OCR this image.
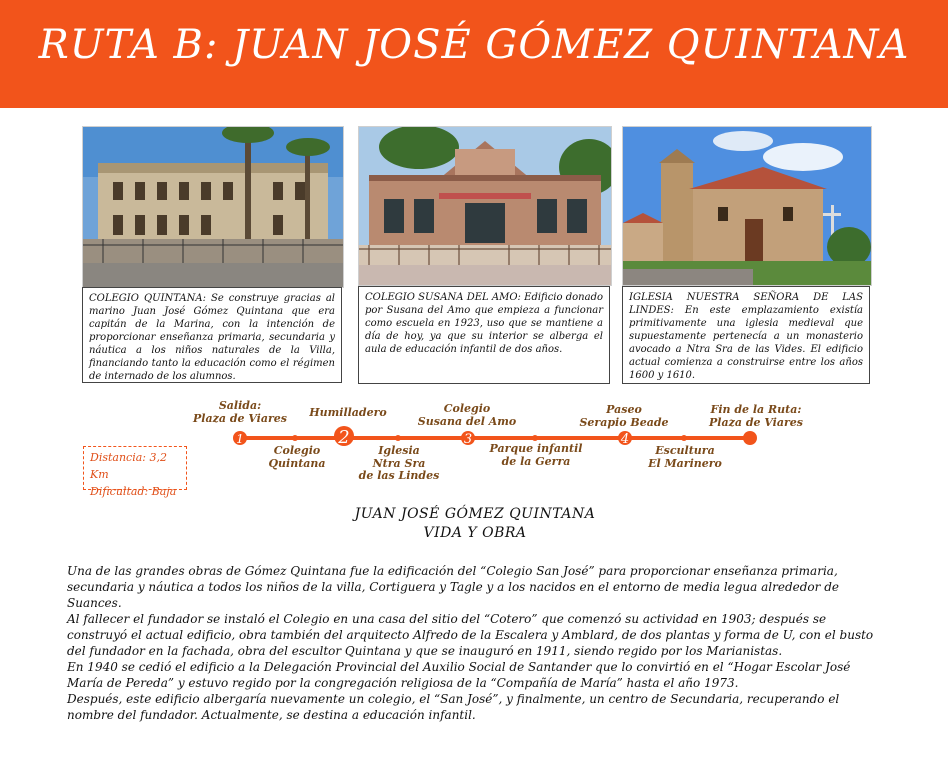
RUTA B: JUAN JOSÉ GÓMEZ QUINTANA
COLEGIO QUINTANA: Se construye gracias al marino Juan José Gómez Quintana que era capitán de la Marina, con la intención de proporcionar enseñanza primaria, secundaria y náutica a los niños naturales de la Villa, financiando tanto la educación como el régimen de internado de los alumnos.
COLEGIO SUSANA DEL AMO: Edificio donado por Susana del Amo que empieza a funcionar como escuela en 1923, uso que se mantiene a día de hoy, ya que su interior se alberga el aula de educación infantil de dos años.
IGLESIA NUESTRA SEÑORA DE LAS LINDES: En este emplazamiento existía primitivamente una iglesia medieval que supuestamente pertenecía a un monasterio avocado a Ntra Sra de las Vides. El edificio actual comienza a construirse entre los años 1600 y 1610.
1	2	3	4
Salida:
Plaza de Viares Humilladero	Colegio
Susana del Amo
Paseo
Serapio Beade
Fin de la Ruta:
Plaza de Viares
Colegio
Quintana
Iglesia
Ntra Sra
de las Lindes
Parque infantil
de la Gerra
Escultura
El Marinero
Distancia: 3,2 Km
Dificultad: Baja
JUAN JOSÉ GÓMEZ QUINTANA
VIDA Y OBRA

Una de las grandes obras de Gómez Quintana fue la edificación del “Colegio San José” para proporcionar enseñanza primaria, secundaria y náutica a todos los niños de la villa, Cortiguera y Tagle y a los nacidos en el entorno de media legua alrededor de Suances.

Al fallecer el fundador se instaló el Colegio en una casa del sitio del “Cotero” que comenzó su actividad en 1903; después se construyó el actual edificio, obra también del arquitecto Alfredo de la Escalera y Amblard, de dos plantas y forma de U, con el busto del fundador en la fachada, obra del escultor Quintana y que se inauguró en 1911, siendo regido por los Marianistas.

En 1940 se cedió el edificio a la Delegación Provincial del Auxilio Social de Santander que lo convirtió en el “Hogar Escolar José María de Pereda” y estuvo regido por la congregación religiosa de la “Compañía de María” hasta el año 1973.

Después, este edificio albergaría nuevamente un colegio, el “San José”, y finalmente, un centro de Secundaria, recuperando el nombre del fundador. Actualmente, se destina a educación infantil.
